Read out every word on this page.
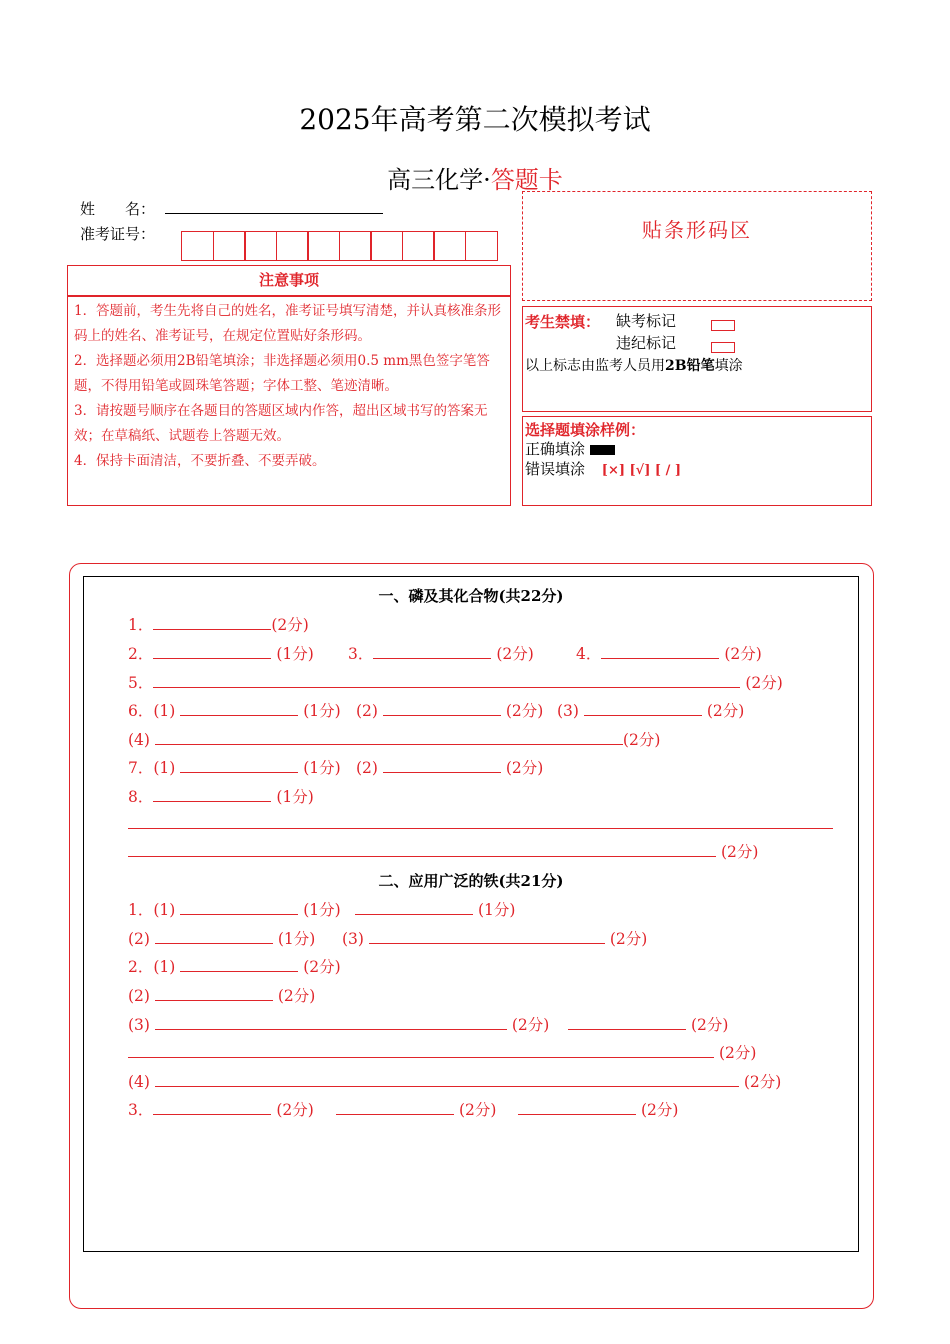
2025年高考第二次模拟考试
高三化学·答题卡
姓　　名：
准考证号：
注意事项
1．答题前，考生先将自己的姓名，准考证号填写清楚，并认真核准条形码上的姓名、准考证号，在规定位置贴好条形码。
2．选择题必须用2B铅笔填涂；非选择题必须用0.5 mm黑色签字笔答题，不得用铅笔或圆珠笔答题；字体工整、笔迹清晰。
3．请按题号顺序在各题目的答题区域内作答，超出区域书写的答案无效；在草稿纸、试题卷上答题无效。
4．保持卡面清洁，不要折叠、不要弄破。
贴条形码区
考生禁填： 缺考标记
违纪标记
以上标志由监考人员用2B铅笔填涂
选择题填涂样例：
正确填涂
错误填涂 [×] [√] [ / ]
一、磷及其化合物(共22分)
1．	(2分)
2．	(1分) 3．	(2分)	4．	(2分)
5．	(2分)
6．(1)	(1分) (2)	(2分) (3)	(2分)
(4)	(2分)
7．(1)	(1分) (2)	(2分)
8．	(1分)
(2分)
二、应用广泛的铁(共21分)
1．(1)	(1分)	(1分)
(2)	(1分) (3)	(2分)
2．(1)	(2分)
(2)	(2分)
(3)	(2分)	(2分)
(2分)
(4)	(2分)
3．	(2分)	(2分)	(2分)
